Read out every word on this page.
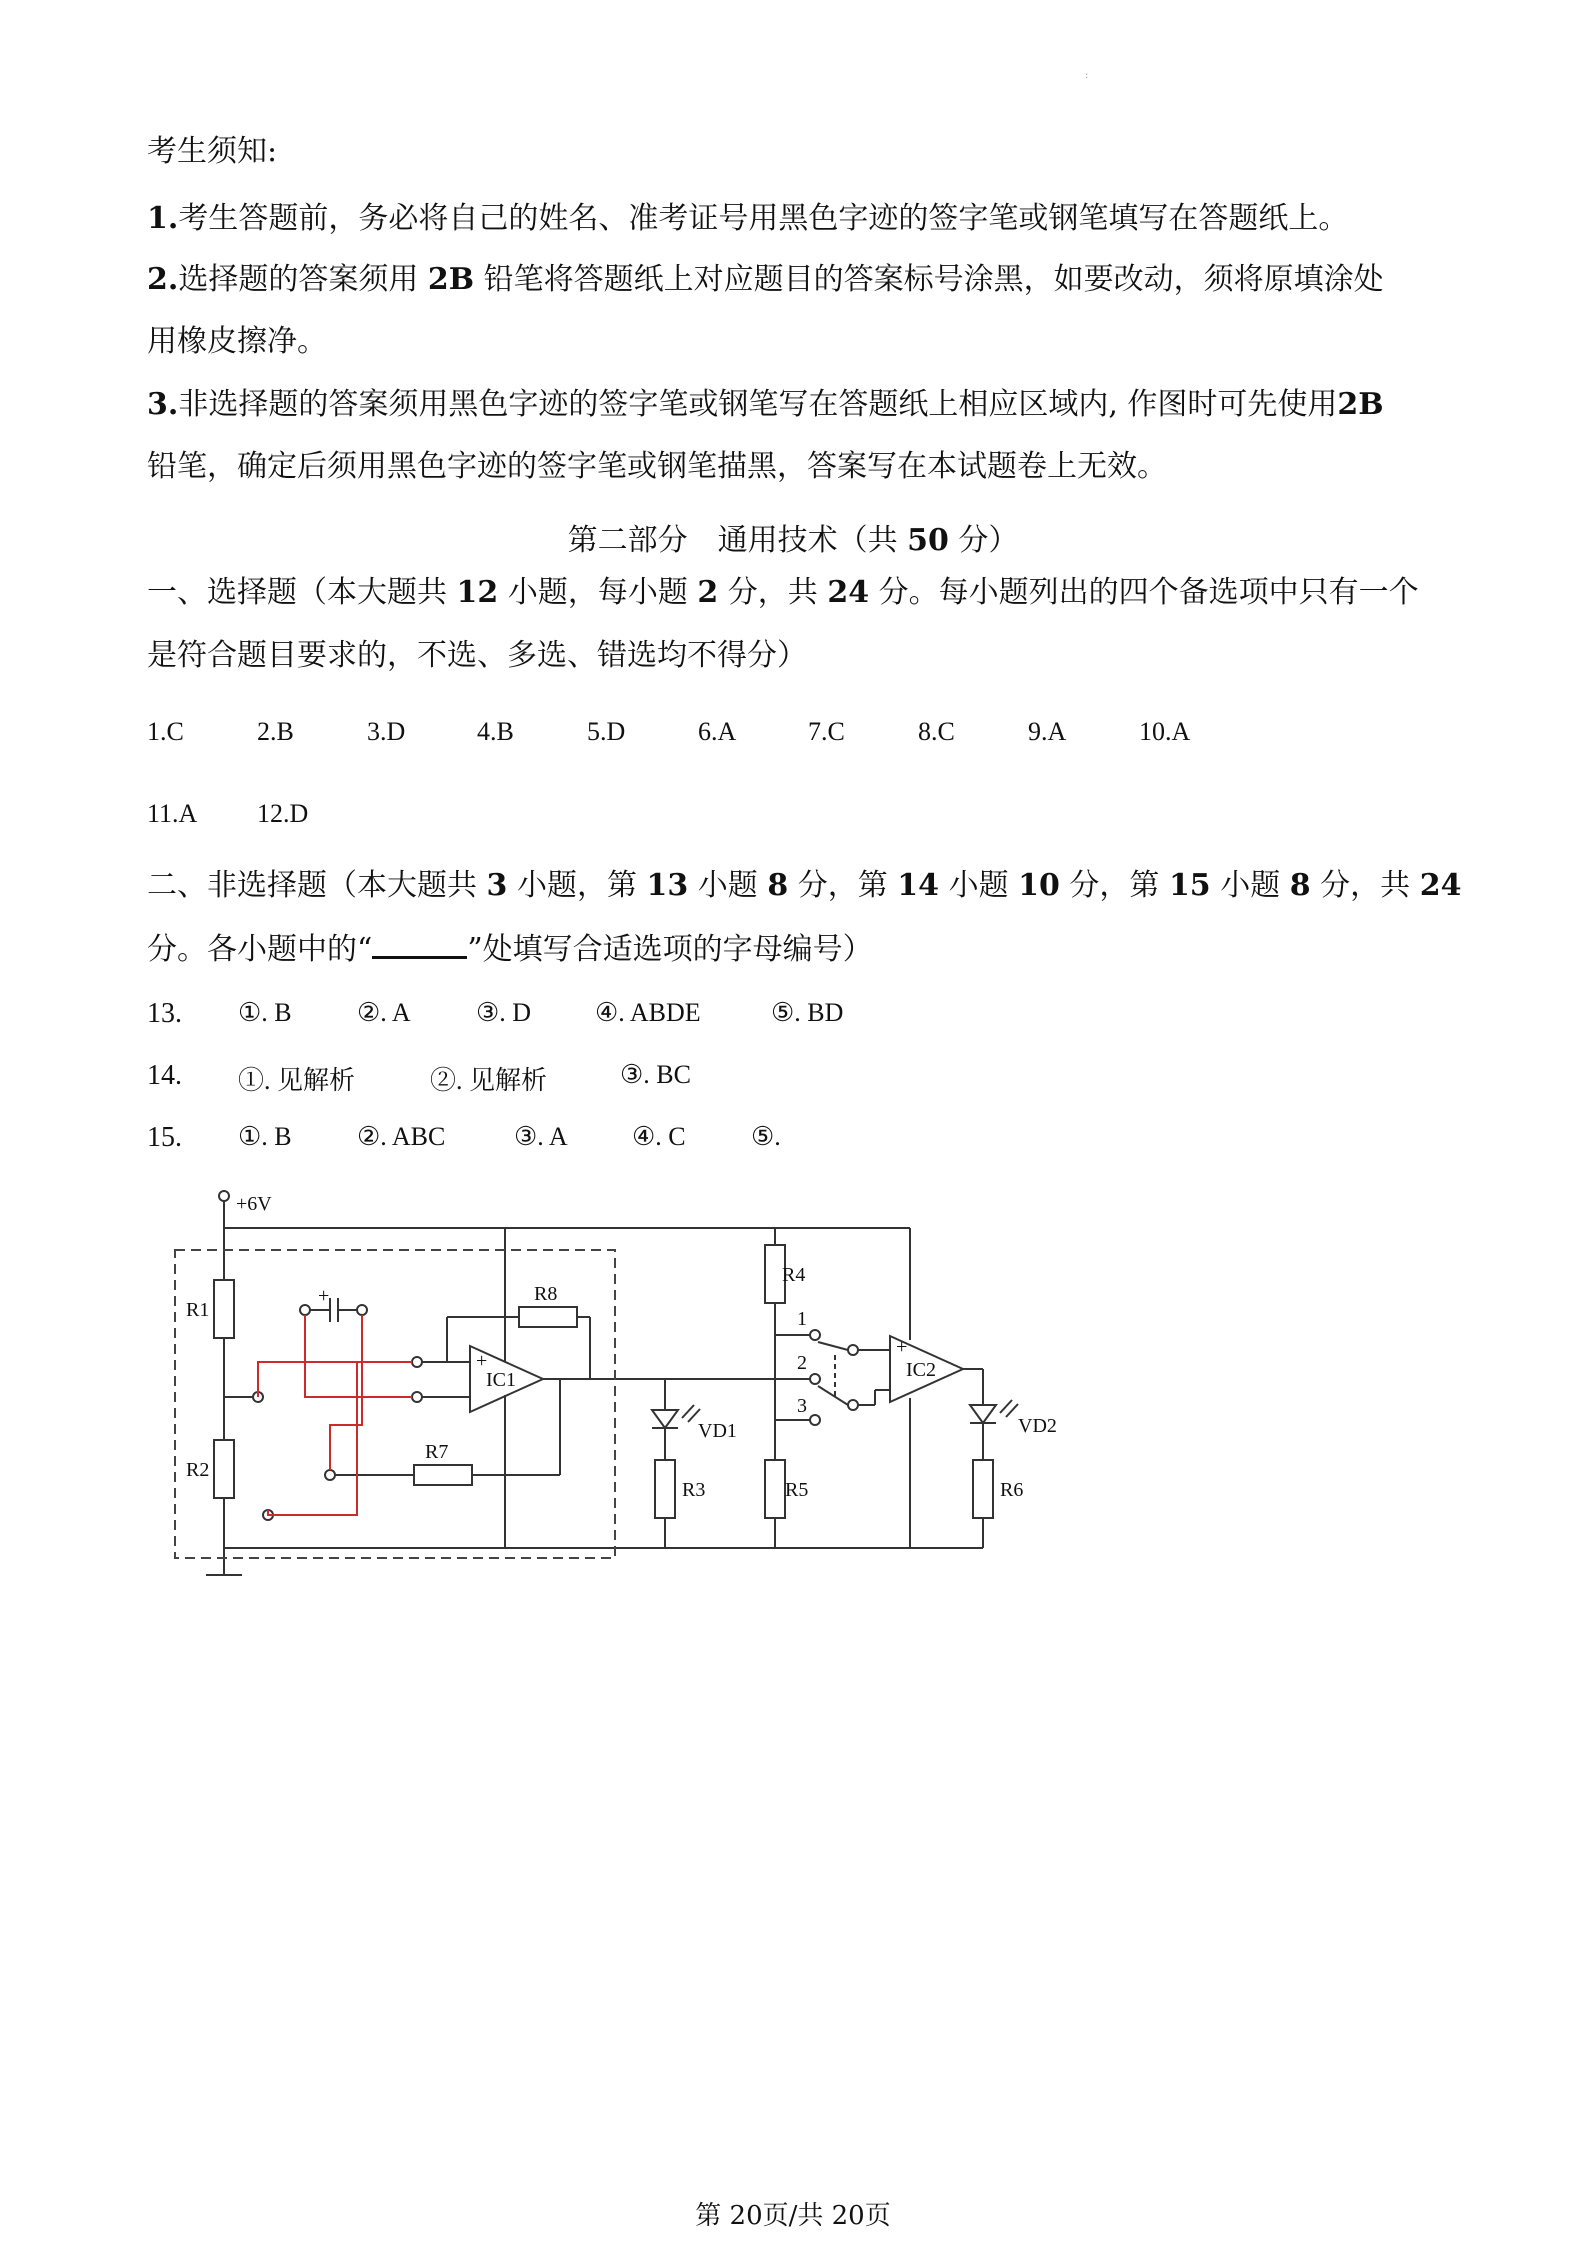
:
考生须知:
1.考生答题前，务必将自己的姓名、准考证号用黑色字迹的签字笔或钢笔填写在答题纸上。
2.选择题的答案须用 2B 铅笔将答题纸上对应题目的答案标号涂黑，如要改动，须将原填涂处
用橡皮擦净。
3.非选择题的答案须用黑色字迹的签字笔或钢笔写在答题纸上相应区域内, 作图时可先使用2B
铅笔，确定后须用黑色字迹的签字笔或钢笔描黑，答案写在本试题卷上无效。
第二部分　通用技术（共 50 分）
一、选择题（本大题共 12 小题，每小题 2 分，共 24 分。每小题列出的四个备选项中只有一个
是符合题目要求的，不选、多选、错选均不得分）
1.C	2.B	3.D	4.B	5.D	6.A	7.C	8.C	9.A	10.A
11.A 12.D
二、非选择题（本大题共 3 小题，第 13 小题 8 分，第 14 小题 10 分，第 15 小题 8 分，共 24
分。各小题中的“	”处填写合适选项的字母编号）
13. ①. B	②. A	③. D ④. ABDE	⑤. BD
14. ①. 见解析	②. 见解析	③. BC
15. ①. B	②. ABC	③. A ④. C	⑤.
+6V
R1
R2
+	R8
IC1
+
R7
VD1
R3
R4
R5
1
2
3
IC2
+
VD2
R6
第 20页/共 20页
